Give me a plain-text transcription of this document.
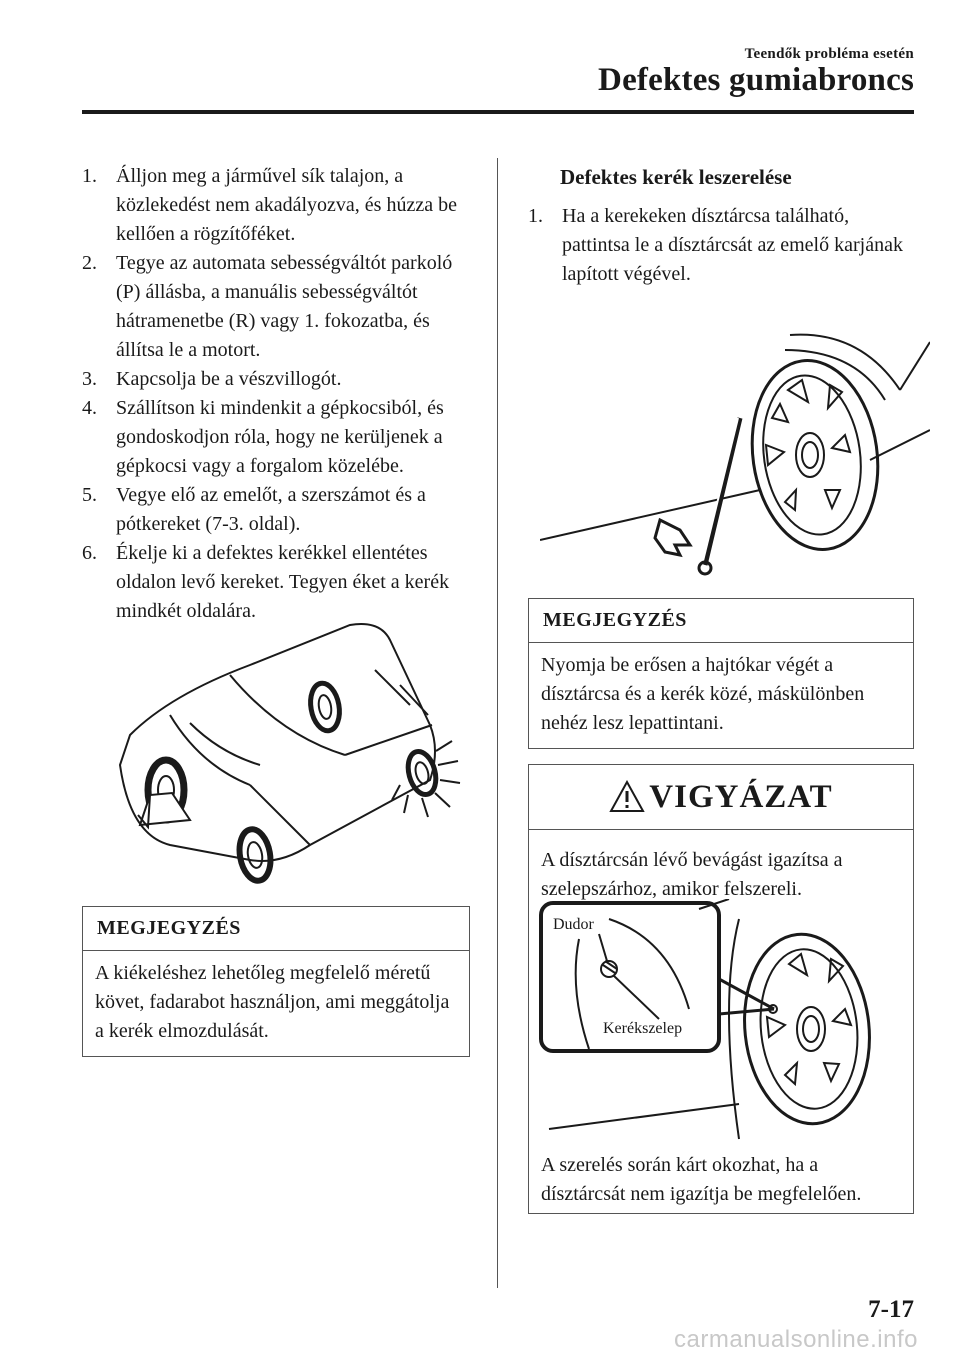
Teendők probléma esetén
Defektes gumiabroncs
1. Álljon meg a járművel sík talajon, a közlekedést nem akadályozva, és húzza be kellően a rögzítőféket.
2. Tegye az automata sebességváltót parkoló (P) állásba, a manuális sebességváltót hátramenetbe (R) vagy 1. fokozatba, és állítsa le a motort.
3. Kapcsolja be a vészvillogót.
4. Szállítson ki mindenkit a gépkocsiból, és gondoskodjon róla, hogy ne kerüljenek a gépkocsi vagy a forgalom közelébe.
5. Vegye elő az emelőt, a szerszámot és a pótkereket (7-3. oldal).
6. Ékelje ki a defektes kerékkel ellentétes oldalon levő kereket. Tegyen éket a kerék mindkét oldalára.
MEGJEGYZÉS
A kiékeléshez lehetőleg megfelelő méretű követ, fadarabot használjon, ami meggátolja a kerék elmozdulását.
Defektes kerék leszerelése
1. Ha a kerekeken dísztárcsa található, pattintsa le a dísztárcsát az emelő karjának lapított végével.
MEGJEGYZÉS
Nyomja be erősen a hajtókar végét a dísztárcsa és a kerék közé, máskülönben nehéz lesz lepattintani.
VIGYÁZAT
A dísztárcsán lévő bevágást igazítsa a szelepszárhoz, amikor felszereli.
Dudor
Kerékszelep
A szerelés során kárt okozhat, ha a dísztárcsát nem igazítja be megfelelően.
7-17
carmanualsonline.info
